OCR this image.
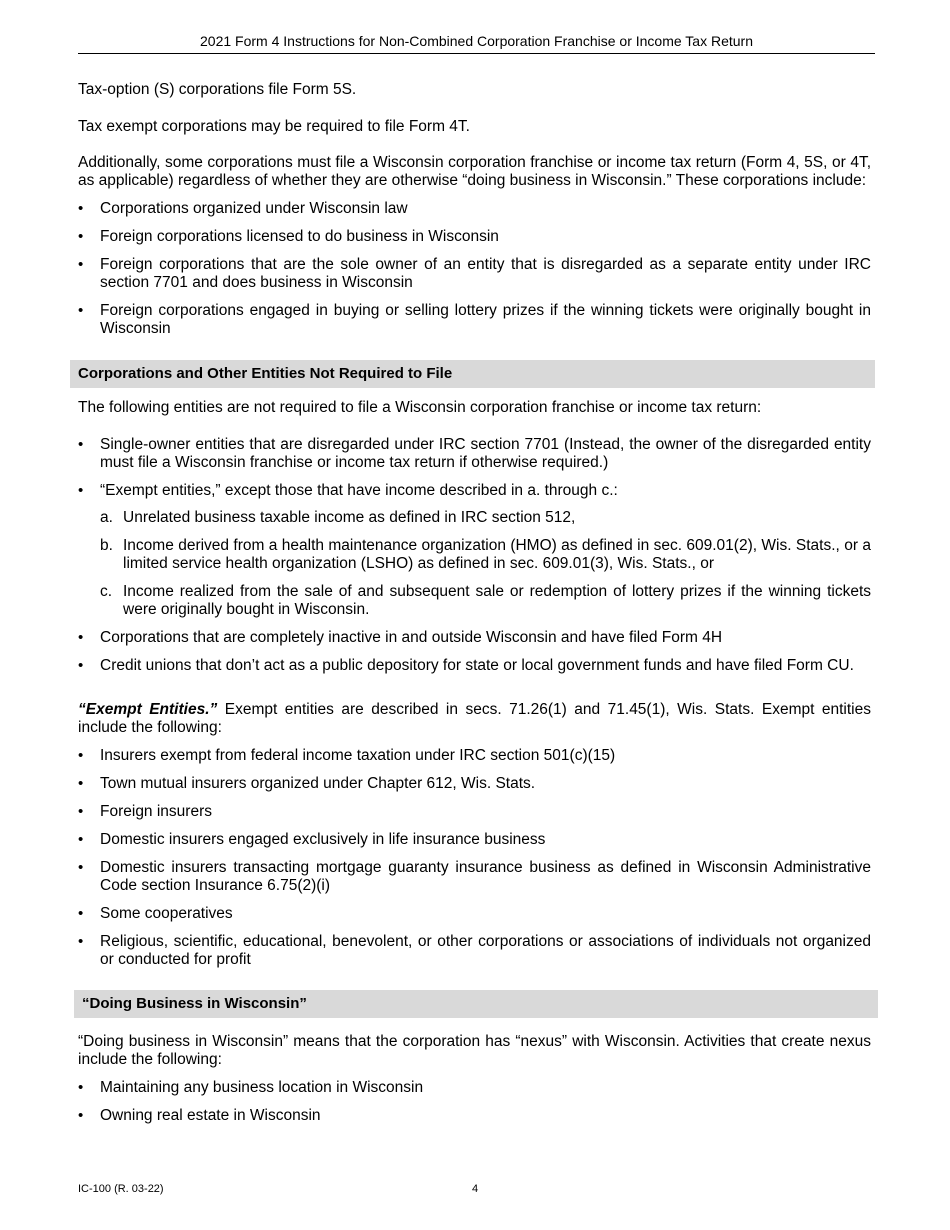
2021 Form 4 Instructions for Non-Combined Corporation Franchise or Income Tax Return

Tax-option (S) corporations file Form 5S.

Tax exempt corporations may be required to file Form 4T.

Additionally, some corporations must file a Wisconsin corporation franchise or income tax return (Form 4, 5S, or 4T, as applicable) regardless of whether they are otherwise “doing business in Wisconsin.” These corporations include:

• Corporations organized under Wisconsin law
• Foreign corporations licensed to do business in Wisconsin
• Foreign corporations that are the sole owner of an entity that is disregarded as a separate entity under IRC section 7701 and does business in Wisconsin
• Foreign corporations engaged in buying or selling lottery prizes if the winning tickets were originally bought in Wisconsin
Corporations and Other Entities Not Required to File

The following entities are not required to file a Wisconsin corporation franchise or income tax return:

• Single-owner entities that are disregarded under IRC section 7701 (Instead, the owner of the disregarded entity must file a Wisconsin franchise or income tax return if otherwise required.)
• “Exempt entities,” except those that have income described in a. through c.:
a. Unrelated business taxable income as defined in IRC section 512,
b. Income derived from a health maintenance organization (HMO) as defined in sec. 609.01(2), Wis. Stats., or a limited service health organization (LSHO) as defined in sec. 609.01(3), Wis. Stats., or
c. Income realized from the sale of and subsequent sale or redemption of lottery prizes if the winning tickets were originally bought in Wisconsin.
• Corporations that are completely inactive in and outside Wisconsin and have filed Form 4H
• Credit unions that don’t act as a public depository for state or local government funds and have filed Form CU.

“Exempt Entities.” Exempt entities are described in secs. 71.26(1) and 71.45(1), Wis. Stats. Exempt entities include the following:

• Insurers exempt from federal income taxation under IRC section 501(c)(15)
• Town mutual insurers organized under Chapter 612, Wis. Stats.
• Foreign insurers
• Domestic insurers engaged exclusively in life insurance business
• Domestic insurers transacting mortgage guaranty insurance business as defined in Wisconsin Administrative Code section Insurance 6.75(2)(i)
• Some cooperatives
• Religious, scientific, educational, benevolent, or other corporations or associations of individuals not organized or conducted for profit
“Doing Business in Wisconsin”

“Doing business in Wisconsin” means that the corporation has “nexus” with Wisconsin. Activities that create nexus include the following:

• Maintaining any business location in Wisconsin
• Owning real estate in Wisconsin
IC-100 (R. 03-22)	4
